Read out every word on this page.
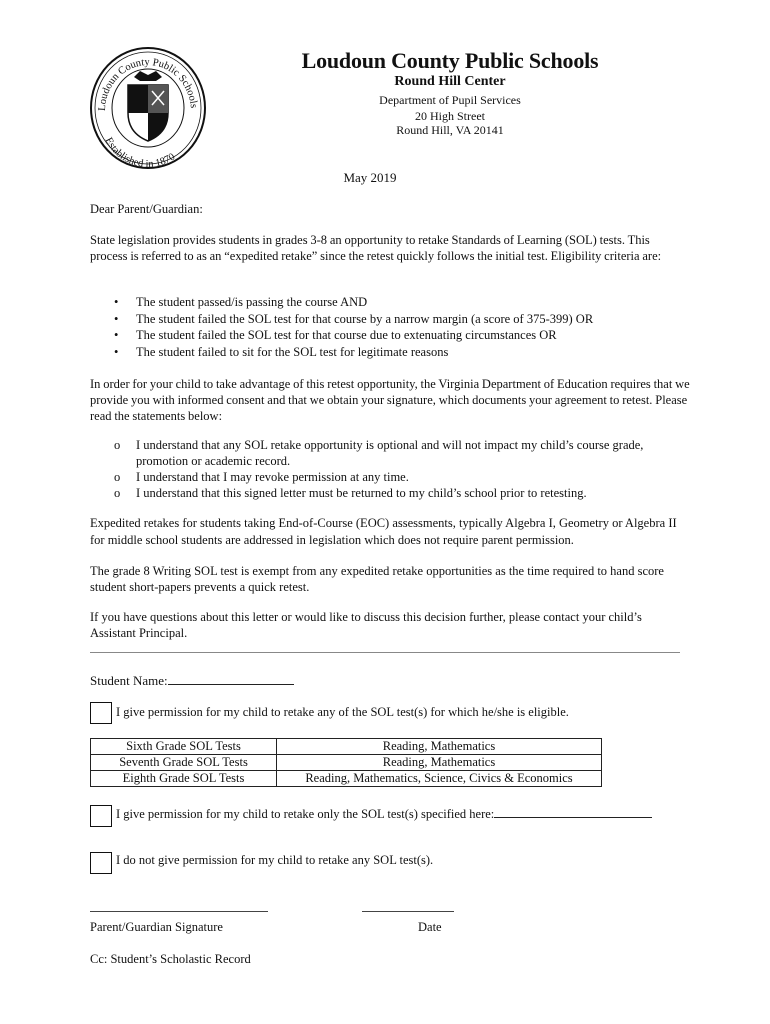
Loudoun County Public Schools
Established in 1870
Loudoun County Public Schools
Round Hill Center
Department of Pupil Services
20 High Street
Round Hill, VA 20141
May 2019
Dear Parent/Guardian:
State legislation provides students in grades 3-8 an opportunity to retake Standards of Learning (SOL) tests. This process is referred to as an “expedited retake” since the retest quickly follows the initial test. Eligibility criteria are:
• The student passed/is passing the course AND
• The student failed the SOL test for that course by a narrow margin (a score of 375-399) OR
• The student failed the SOL test for that course due to extenuating circumstances OR
• The student failed to sit for the SOL test for legitimate reasons
In order for your child to take advantage of this retest opportunity, the Virginia Department of Education requires that we provide you with informed consent and that we obtain your signature, which documents your agreement to retest. Please read the statements below:
o I understand that any SOL retake opportunity is optional and will not impact my child’s course grade, promotion or academic record.
o I understand that I may revoke permission at any time.
o I understand that this signed letter must be returned to my child’s school prior to retesting.
Expedited retakes for students taking End-of-Course (EOC) assessments, typically Algebra I, Geometry or Algebra II for middle school students are addressed in legislation which does not require parent permission.
The grade 8 Writing SOL test is exempt from any expedited retake opportunities as the time required to hand score student short-papers prevents a quick retest.
If you have questions about this letter or would like to discuss this decision further, please contact your child’s Assistant Principal.
Student Name:
I give permission for my child to retake any of the SOL test(s) for which he/she is eligible.
Sixth Grade SOL Tests	Reading, Mathematics
Seventh Grade SOL Tests	Reading, Mathematics
Eighth Grade SOL Tests	Reading, Mathematics, Science, Civics & Economics
I give permission for my child to retake only the SOL test(s) specified here:
I do not give permission for my child to retake any SOL test(s).
Parent/Guardian Signature	Date
Cc: Student’s Scholastic Record
